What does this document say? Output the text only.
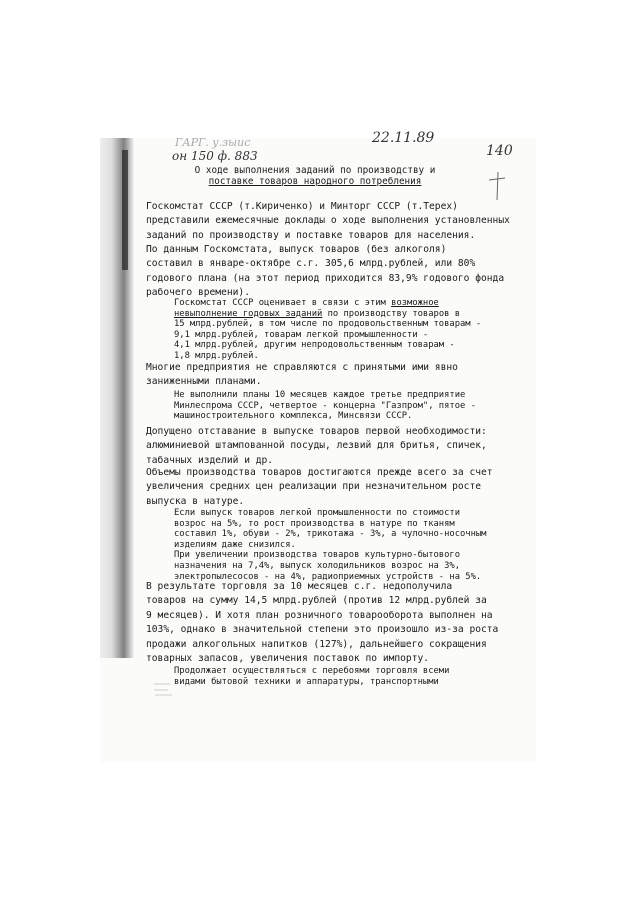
ГАРГ. у.зыис
он 150 ф. 883
22.11.89
140
О ходе выполнения заданий по производству и
поставке товаров народного потребления
Госкомстат СССР (т.Кириченко) и Минторг СССР (т.Терех)
представили ежемесячные доклады о ходе выполнения установленных
заданий по производству и поставке товаров для населения.
По данным Госкомстата, выпуск товаров (без алкоголя)
составил в январе-октябре с.г. 305,6 млрд.рублей, или 80%
годового плана (на этот период приходится 83,9% годового фонда
рабочего времени).
Госкомстат СССР оценивает в связи с этим возможное
невыполнение годовых заданий по производству товаров в
15 млрд.рублей, в том числе по продовольственным товарам -
9,1 млрд.рублей, товарам легкой промышленности -
4,1 млрд.рублей, другим непродовольственным товарам -
1,8 млрд.рублей.
Многие предприятия не справляются с принятыми ими явно
заниженными планами.
Не выполнили планы 10 месяцев каждое третье предприятие
Минлеспрома СССР, четвертое - концерна "Газпром", пятое -
машиностроительного комплекса, Минсвязи СССР.
Допущено отставание в выпуске товаров первой необходимости:
алюминиевой штампованной посуды, лезвий для бритья, спичек,
табачных изделий и др.
Объемы производства товаров достигаются прежде всего за счет
увеличения средних цен реализации при незначительном росте
выпуска в натуре.
Если выпуск товаров легкой промышленности по стоимости
возрос на 5%, то рост производства в натуре по тканям
составил 1%, обуви - 2%, трикотажа - 3%, а чулочно-носочным
изделиям даже снизился.
При увеличении производства товаров культурно-бытового
назначения на 7,4%, выпуск холодильников возрос на 3%,
электропылесосов - на 4%, радиоприемных устройств - на 5%.
В результате торговля за 10 месяцев с.г. недополучила
товаров на сумму 14,5 млрд.рублей (против 12 млрд.рублей за
9 месяцев). И хотя план розничного товарооборота выполнен на
103%, однако в значительной степени это произошло из-за роста
продажи алкогольных напитков (127%), дальнейшего сокращения
товарных запасов, увеличения поставок по импорту.
Продолжает осуществляться с перебоями торговля всеми
видами бытовой техники и аппаратуры, транспортными
